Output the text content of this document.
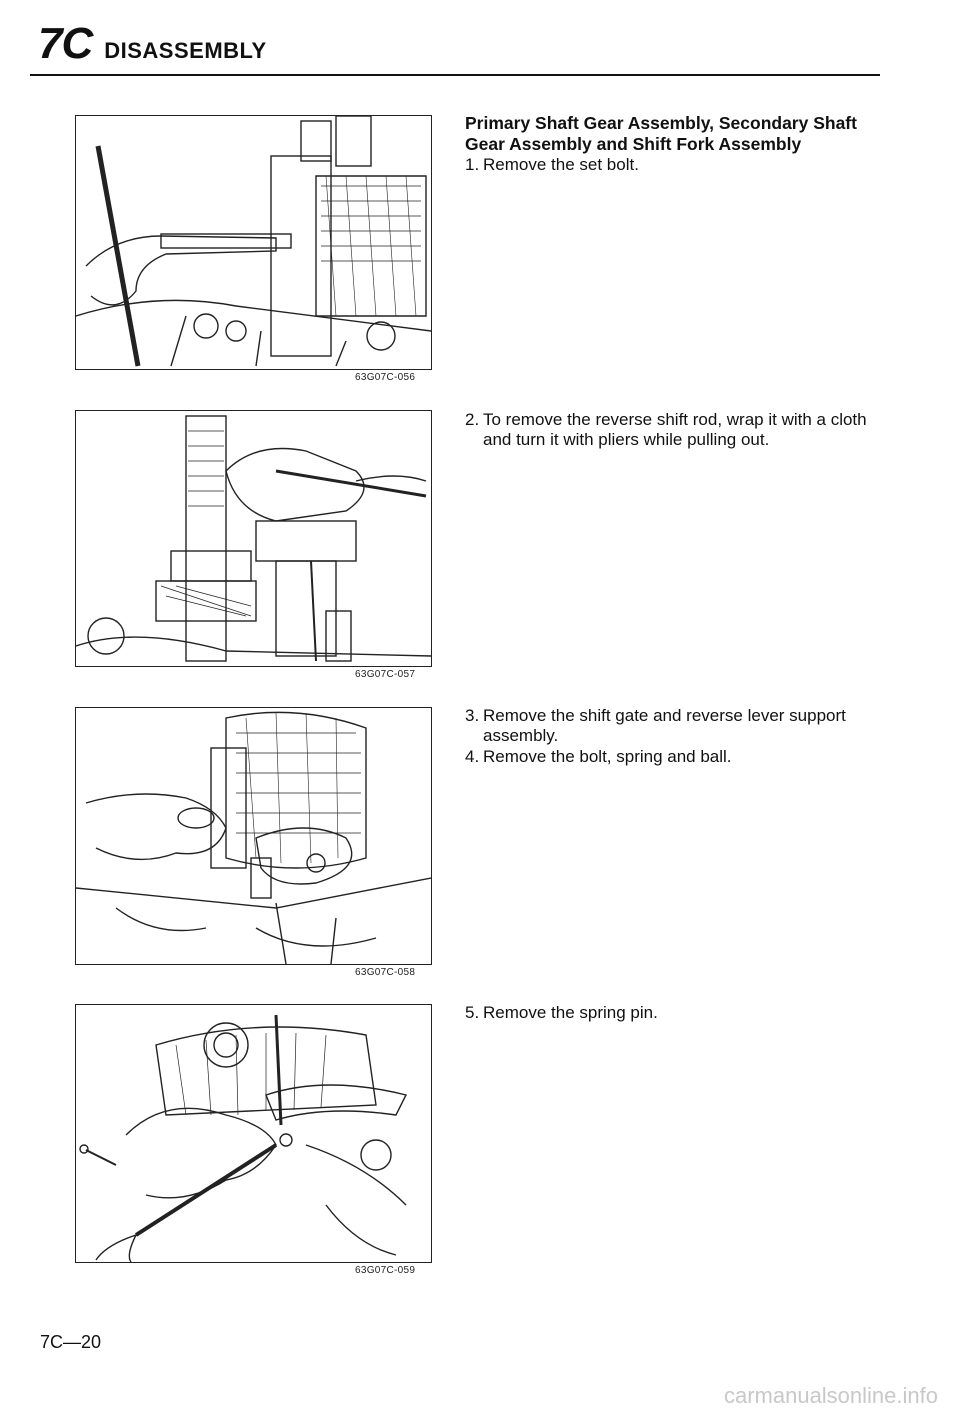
7C DISASSEMBLY
63G07C-056
63G07C-057
63G07C-058
63G07C-059
Primary Shaft Gear Assembly, Secondary Shaft Gear Assembly and Shift Fork Assembly
1. Remove the set bolt.
2. To remove the reverse shift rod, wrap it with a cloth and turn it with pliers while pulling out.
3. Remove the shift gate and reverse lever support assembly.
4. Remove the bolt, spring and ball.
5. Remove the spring pin.
7C—20
carmanualsonline.info
